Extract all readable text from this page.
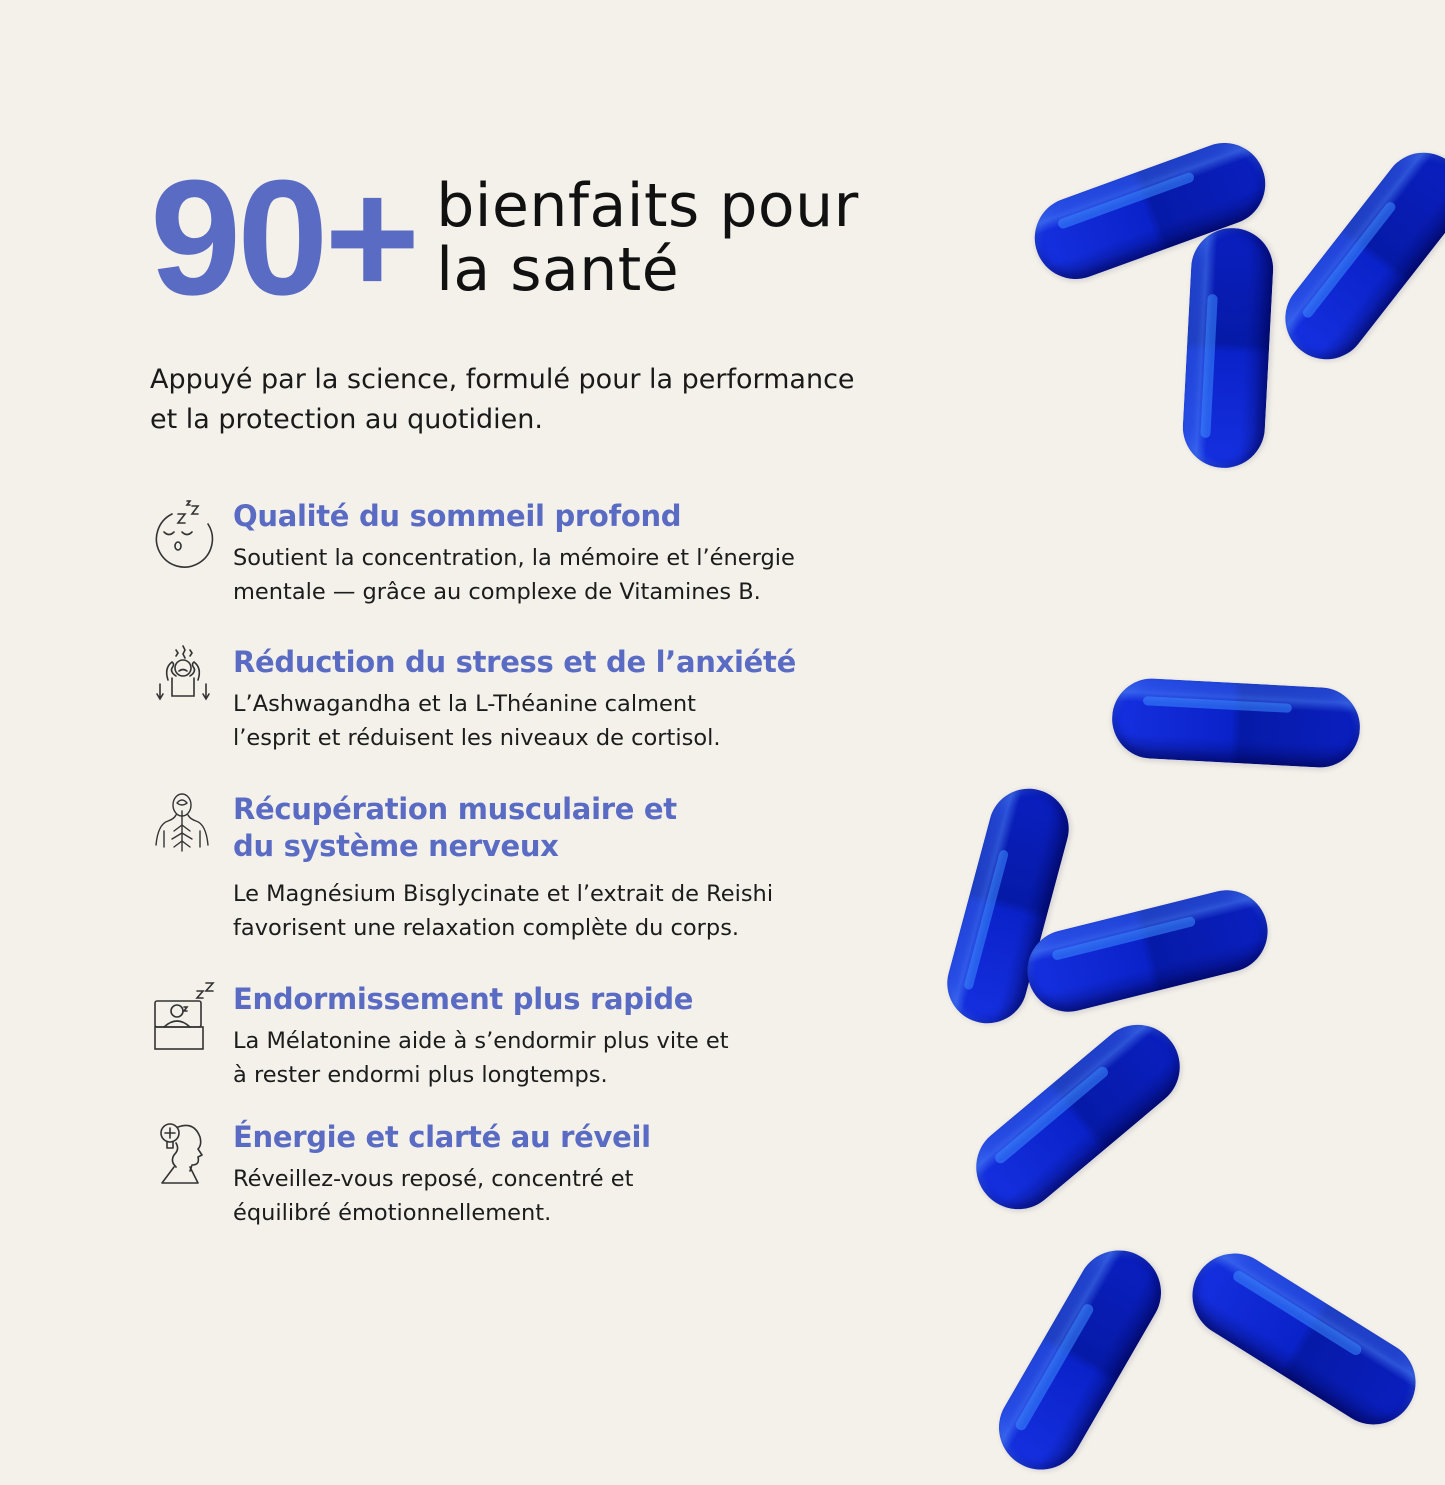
90+ bienfaits pour
la santé
Appuyé par la science, formulé pour la performance
et la protection au quotidien.
Qualité du sommeil profond

Soutient la concentration, la mémoire et l’énergie
mentale — grâce au complexe de Vitamines B.

Réduction du stress et de l’anxiété

L’Ashwagandha et la L-Théanine calment
l’esprit et réduisent les niveaux de cortisol.

Récupération musculaire et
du système nerveux

Le Magnésium Bisglycinate et l’extrait de Reishi
favorisent une relaxation complète du corps.

Endormissement plus rapide

La Mélatonine aide à s’endormir plus vite et
à rester endormi plus longtemps.

Énergie et clarté au réveil

Réveillez-vous reposé, concentré et
équilibré émotionnellement.
